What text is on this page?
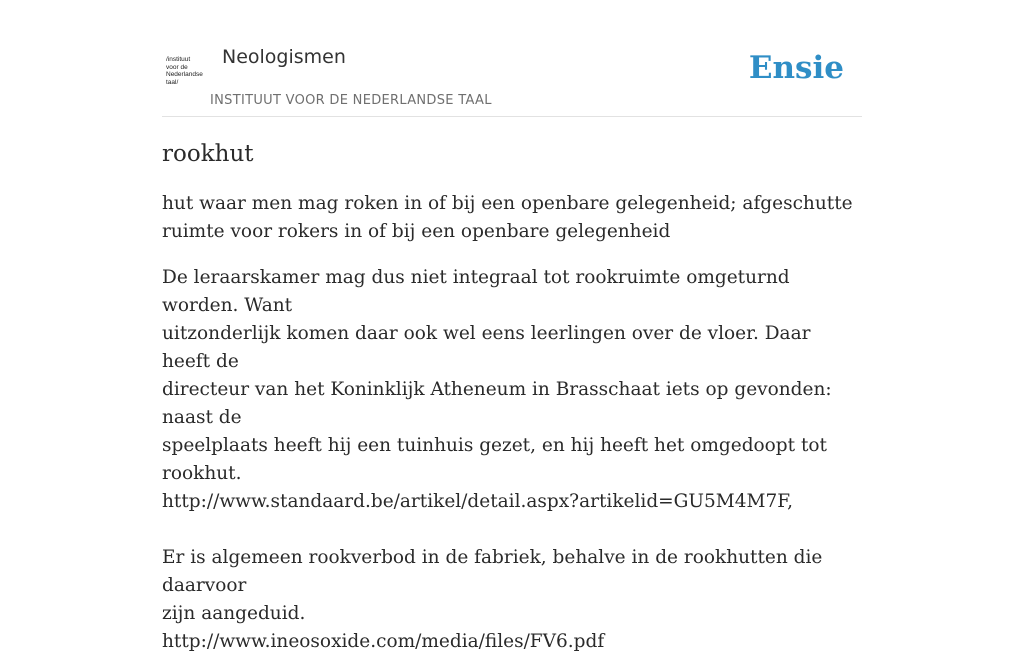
/instituut
voor de
Nederlandse
taal/
Neologismen
INSTITUUT VOOR DE NEDERLANDSE TAAL
Ensie
rookhut

hut waar men mag roken in of bij een openbare gelegenheid; afgeschutte ruimte voor rokers in of bij een openbare gelegenheid

De leraarskamer mag dus niet integraal tot rookruimte omgeturnd worden. Want
uitzonderlijk komen daar ook wel eens leerlingen over de vloer. Daar heeft de
directeur van het Koninklijk Atheneum in Brasschaat iets op gevonden: naast de
speelplaats heeft hij een tuinhuis gezet, en hij heeft het omgedoopt tot rookhut.
http://www.standaard.be/artikel/detail.aspx?artikelid=GU5M4M7F,
Er is algemeen rookverbod in de fabriek, behalve in de rookhutten die daarvoor
zijn aangeduid.
http://www.ineosoxide.com/media/files/FV6.pdf
